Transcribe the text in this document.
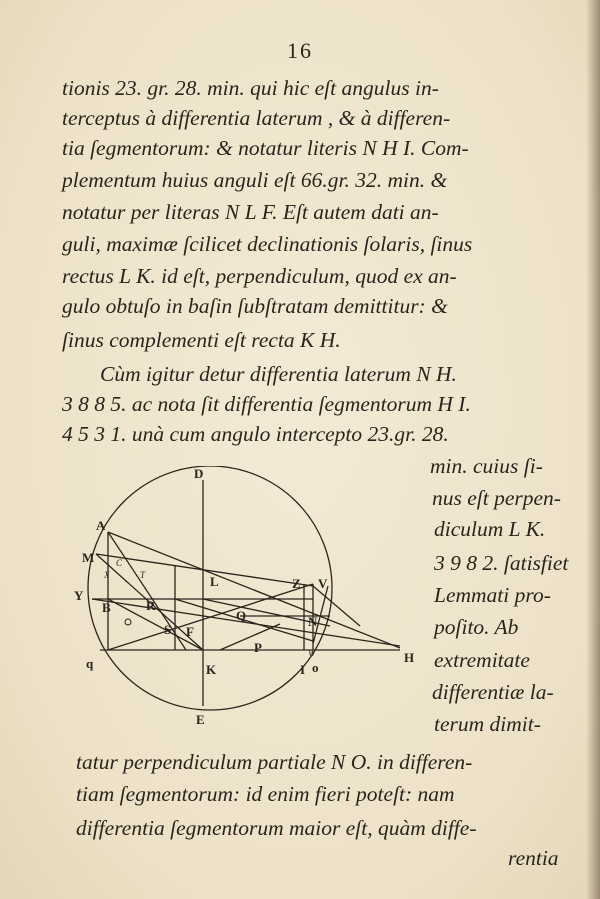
16
tionis 23. gr. 28. min. qui hic eſt angulus in-
terceptus à differentia laterum , & à differen-
tia ſegmentorum: & notatur literis N H I. Com-
plementum huius anguli eſt 66.gr. 32. min. &
notatur per literas N L F. Eſt autem dati an-
guli, maximæ ſcilicet declinationis ſolaris, ſinus
rectus L K. id eſt, perpendiculum, quod ex an-
gulo obtuſo in baſin ſubſtratam demittitur: &
ſinus complementi eſt recta K H.
Cùm igitur detur differentia laterum N H.
3 8 8 5. ac nota ſit differentia ſegmentorum H I.
4 5 3 1. unà cum angulo intercepto 23.gr. 28.
min. cuius ſi-
nus eſt perpen-
diculum L K.
3 9 8 2. ſatisfiet
Lemmati pro-
poſito. Ab
extremitate
differentiæ la-
terum dimit-
tatur perpendiculum partiale N O. in differen-
tiam ſegmentorum: id enim fieri poteſt: nam
differentia ſegmentorum maior eſt, quàm diffe-
rentia
D
A
M
Y
B
q
E
H
K	I o
L	Z V
N
F
R
S
P
Q
W
C
T
X
